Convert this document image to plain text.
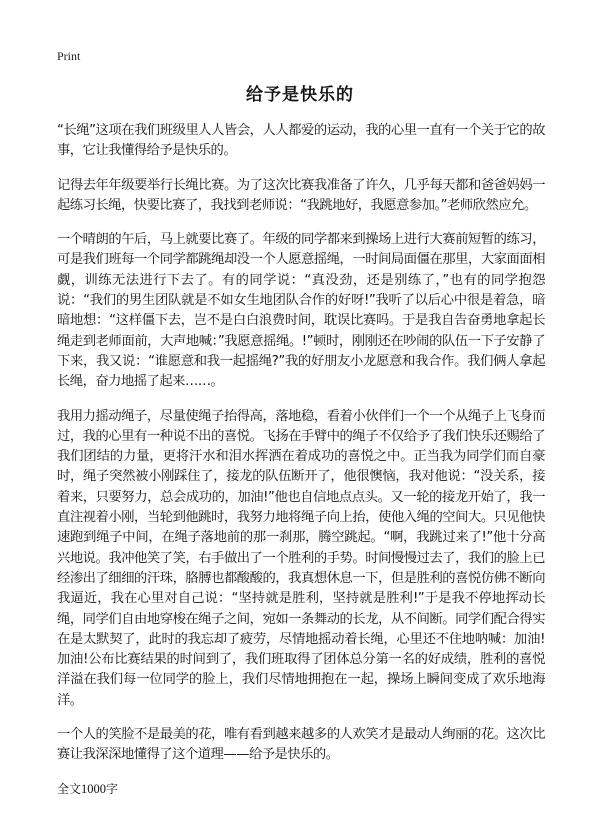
Print
给予是快乐的

“长绳”这项在我们班级里人人皆会，人人都爱的运动，我的心里一直有一个关于它的故事，它让我懂得给予是快乐的。

记得去年年级要举行长绳比赛。为了这次比赛我准备了许久，几乎每天都和爸爸妈妈一起练习长绳，快要比赛了，我找到老师说：“我跳地好，我愿意参加。”老师欣然应允。

一个晴朗的午后，马上就要比赛了。年级的同学都来到操场上进行大赛前短暂的练习，可是我们班每一个同学都跳绳却没一个人愿意摇绳，一时间局面僵在那里，大家面面相觑，训练无法进行下去了。有的同学说：“真没劲，还是别练了，”也有的同学抱怨说：“我们的男生团队就是不如女生地团队合作的好呀!”我听了以后心中很是着急，暗暗地想：“这样僵下去，岂不是白白浪费时间，耽误比赛吗。于是我自告奋勇地拿起长绳走到老师面前，大声地喊：”我愿意摇绳。!”顿时，刚刚还在吵闹的队伍一下子安静了下来，我又说：“谁愿意和我一起摇绳?”我的好朋友小龙愿意和我合作。我们俩人拿起长绳，奋力地摇了起来……。

我用力摇动绳子，尽量使绳子抬得高，落地稳，看着小伙伴们一个一个从绳子上飞身而过，我的心里有一种说不出的喜悦。飞扬在手臂中的绳子不仅给予了我们快乐还赐给了我们团结的力量，更将汗水和泪水挥洒在着成功的喜悦之中。正当我为同学们而自豪时，绳子突然被小刚踩住了，接龙的队伍断开了，他很懊恼，我对他说：“没关系，接着来，只要努力，总会成功的，加油!”他也自信地点点头。又一轮的接龙开始了，我一直注视着小刚，当轮到他跳时，我努力地将绳子向上抬，使他入绳的空间大。只见他快速跑到绳子中间，在绳子落地前的那一刹那，腾空跳起。“啊，我跳过来了!”他十分高兴地说。我冲他笑了笑，右手做出了一个胜利的手势。时间慢慢过去了，我们的脸上已经渗出了细细的汗珠，胳膊也都酸酸的，我真想休息一下，但是胜利的喜悦仿佛不断向我逼近，我在心里对自己说：“坚持就是胜利，坚持就是胜利!”于是我不停地挥动长绳，同学们自由地穿梭在绳子之间，宛如一条舞动的长龙，从不间断。同学们配合得实在是太默契了，此时的我忘却了疲劳，尽情地摇动着长绳，心里还不住地呐喊：加油!加油!公布比赛结果的时间到了，我们班取得了团体总分第一名的好成绩，胜利的喜悦洋溢在我们每一位同学的脸上，我们尽情地拥抱在一起，操场上瞬间变成了欢乐地海洋。

一个人的笑脸不是最美的花，唯有看到越来越多的人欢笑才是最动人绚丽的花。这次比赛让我深深地懂得了这个道理——给予是快乐的。

全文1000字
